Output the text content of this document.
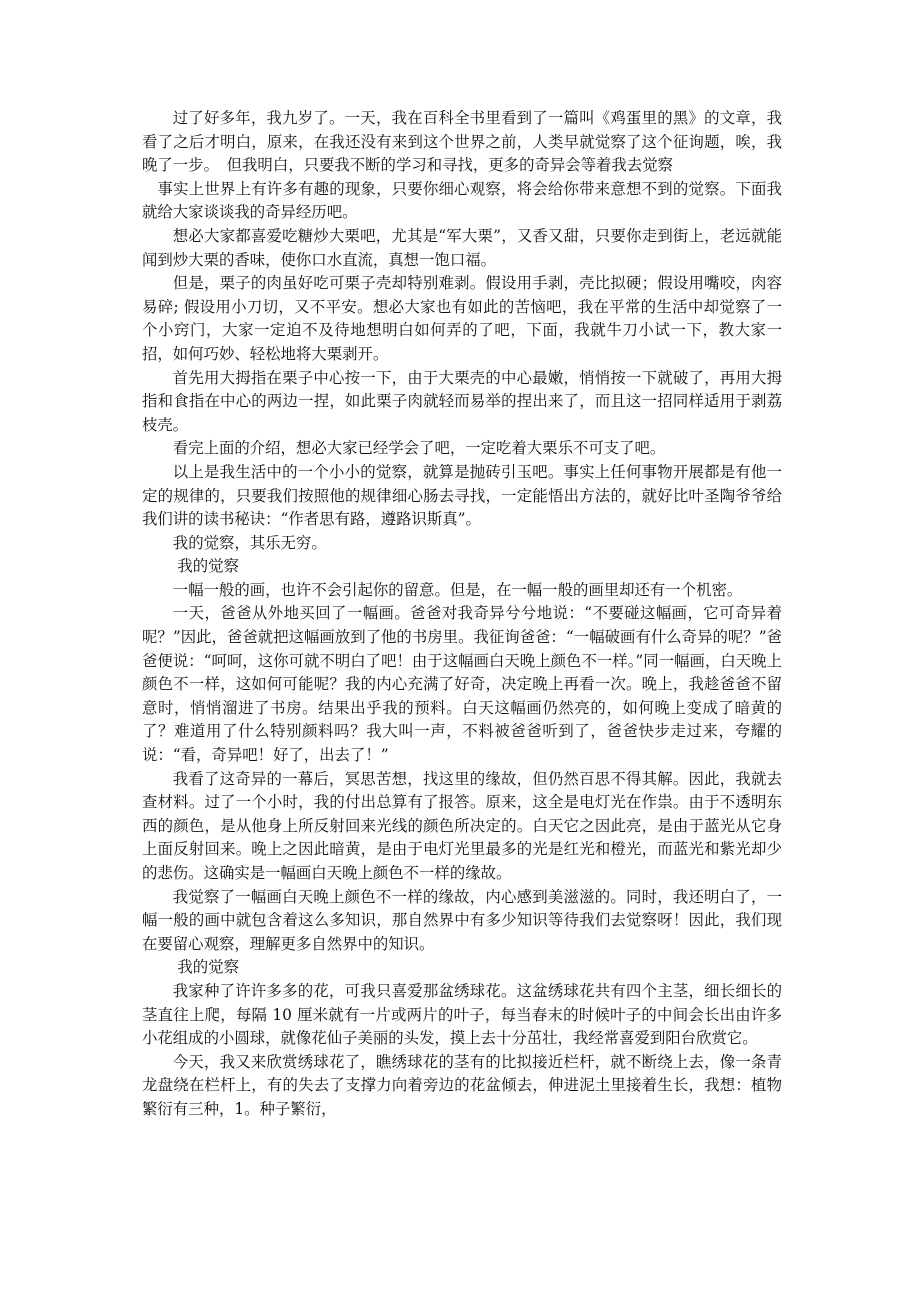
过了好多年，我九岁了。一天，我在百科全书里看到了一篇叫《鸡蛋里的黑》的文章，我看了之后才明白，原来，在我还没有来到这个世界之前，人类早就觉察了这个征询题，唉，我晚了一步。　但我明白，只要我不断的学习和寻找，更多的奇异会等着我去觉察

事实上世界上有许多有趣的现象，只要你细心观察，将会给你带来意想不到的觉察。下面我就给大家谈谈我的奇异经历吧。

想必大家都喜爱吃糖炒大栗吧，尤其是“军大栗”，又香又甜，只要你走到街上，老远就能闻到炒大栗的香味，使你口水直流，真想一饱口福。

但是，栗子的肉虽好吃可栗子壳却特别难剥。假设用手剥，壳比拟硬；假设用嘴咬，肉容易碎; 假设用小刀切，又不平安。想必大家也有如此的苦恼吧，我在平常的生活中却觉察了一个小窍门，大家一定迫不及待地想明白如何弄的了吧，下面，我就牛刀小试一下，教大家一招，如何巧妙、轻松地将大栗剥开。

首先用大拇指在栗子中心按一下，由于大栗壳的中心最嫩，悄悄按一下就破了，再用大拇指和食指在中心的两边一捏，如此栗子肉就轻而易举的捏出来了，而且这一招同样适用于剥荔枝壳。

看完上面的介绍，想必大家已经学会了吧，一定吃着大栗乐不可支了吧。

以上是我生活中的一个小小的觉察，就算是抛砖引玉吧。事实上任何事物开展都是有他一定的规律的，只要我们按照他的规律细心肠去寻找，一定能悟出方法的，就好比叶圣陶爷爷给我们讲的读书秘诀：“作者思有路，遵路识斯真”。

我的觉察，其乐无穷。

我的觉察

一幅一般的画，也许不会引起你的留意。但是，在一幅一般的画里却还有一个机密。

一天，爸爸从外地买回了一幅画。爸爸对我奇异兮兮地说：“不要碰这幅画，它可奇异着呢？”因此，爸爸就把这幅画放到了他的书房里。我征询爸爸：“一幅破画有什么奇异的呢？”爸爸便说：“呵呵，这你可就不明白了吧！由于这幅画白天晚上颜色不一样。”同一幅画，白天晚上颜色不一样，这如何可能呢？我的内心充满了好奇，决定晚上再看一次。晚上，我趁爸爸不留意时，悄悄溜进了书房。结果出乎我的预料。白天这幅画仍然亮的，如何晚上变成了暗黄的了？难道用了什么特别颜料吗？我大叫一声，不料被爸爸听到了，爸爸快步走过来，夸耀的说：“看，奇异吧！好了，出去了！”

我看了这奇异的一幕后，冥思苦想，找这里的缘故，但仍然百思不得其解。因此，我就去查材料。过了一个小时，我的付出总算有了报答。原来，这全是电灯光在作祟。由于不透明东西的颜色，是从他身上所反射回来光线的颜色所决定的。白天它之因此亮，是由于蓝光从它身上面反射回来。晚上之因此暗黄，是由于电灯光里最多的光是红光和橙光，而蓝光和紫光却少的悲伤。这确实是一幅画白天晚上颜色不一样的缘故。

我觉察了一幅画白天晚上颜色不一样的缘故，内心感到美滋滋的。同时，我还明白了，一幅一般的画中就包含着这么多知识，那自然界中有多少知识等待我们去觉察呀！因此，我们现在要留心观察，理解更多自然界中的知识。

我的觉察

我家种了许许多多的花，可我只喜爱那盆绣球花。这盆绣球花共有四个主茎，细长细长的茎直往上爬，每隔 10 厘米就有一片或两片的叶子，每当春末的时候叶子的中间会长出由许多小花组成的小圆球，就像花仙子美丽的头发，摸上去十分茁壮，我经常喜爱到阳台欣赏它。

今天，我又来欣赏绣球花了，瞧绣球花的茎有的比拟接近栏杆，就不断绕上去，像一条青龙盘绕在栏杆上，有的失去了支撑力向着旁边的花盆倾去，伸进泥土里接着生长，我想：植物繁衍有三种，1。种子繁衍，
